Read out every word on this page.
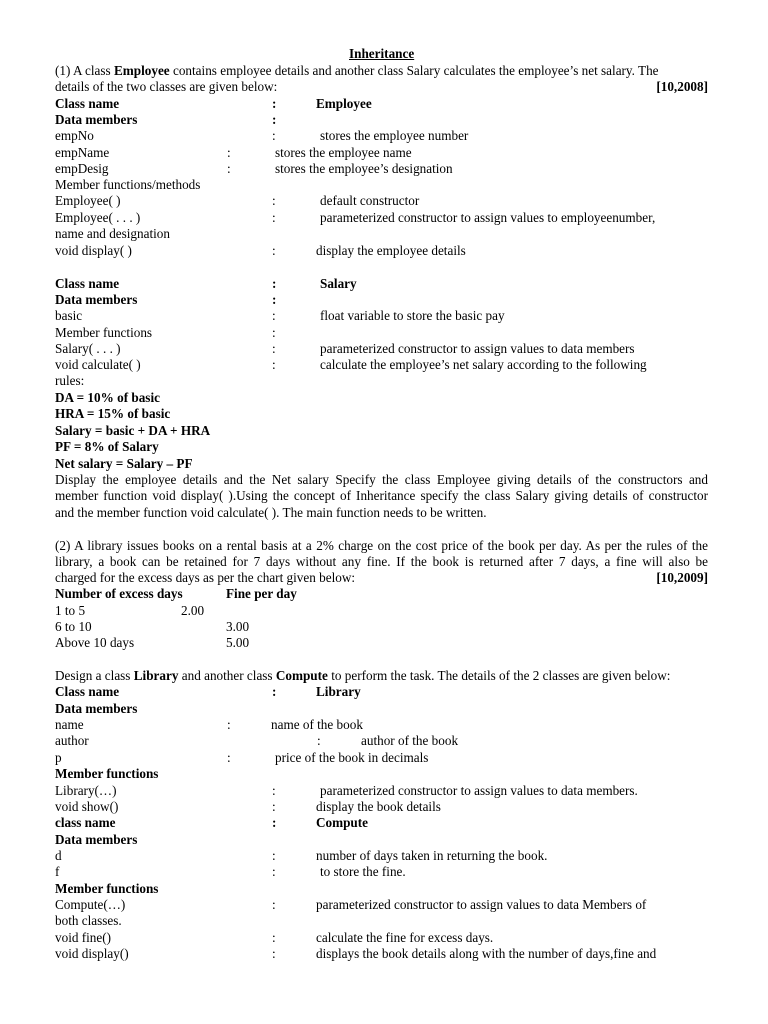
Inheritance
(1) A class Employee contains employee details and another class Salary calculates the employee’s net salary. The
details of the two classes are given below:	[10,2008]
Class name	:	Employee
Data members	:
empNo	:	stores the employee number
empName	:	stores the employee name
empDesig	:	stores the employee’s designation
Member functions/methods
Employee( )	:	default constructor
Employee( . . . )	:	parameterized constructor to assign values to employeenumber,
name and designation
void display( )	:	display the employee details
Class name	:	Salary
Data members	:
basic	:	float variable to store the basic pay
Member functions	:
Salary( . . . )	:	parameterized constructor to assign values to data members
void calculate( )	:	calculate the employee’s net salary according to the following
rules:
DA = 10% of basic
HRA = 15% of basic
Salary = basic + DA + HRA
PF = 8% of Salary
Net salary = Salary – PF
Display the employee details and the Net salary Specify the class Employee giving details of the constructors and
member function void display( ).Using the concept of Inheritance specify the class Salary giving details of constructor
and the member function void calculate( ). The main function needs to be written.
(2) A library issues books on a rental basis at a 2% charge on the cost price of the book per day. As per the rules of the
library, a book can be retained for 7 days without any fine. If the book is returned after 7 days, a fine will also be
charged for the excess days as per the chart given below:	[10,2009]
Number of excess days	Fine per day
1 to 5	2.00
6 to 10	3.00
Above 10 days	5.00
Design a class Library and another class Compute to perform the task. The details of the 2 classes are given below:
Class name	:	Library
Data members
name	:	name of the book
author	:	author of the book
p	:	price of the book in decimals
Member functions
Library(…)	:	parameterized constructor to assign values to data members.
void show()	:	display the book details
class name	:	Compute
Data members
d	:	number of days taken in returning the book.
f	:	to store the fine.
Member functions
Compute(…)	:	parameterized constructor to assign values to data Members of
both classes.
void fine()	:	calculate the fine for excess days.
void display()	:	displays the book details along with the number of days,fine and
